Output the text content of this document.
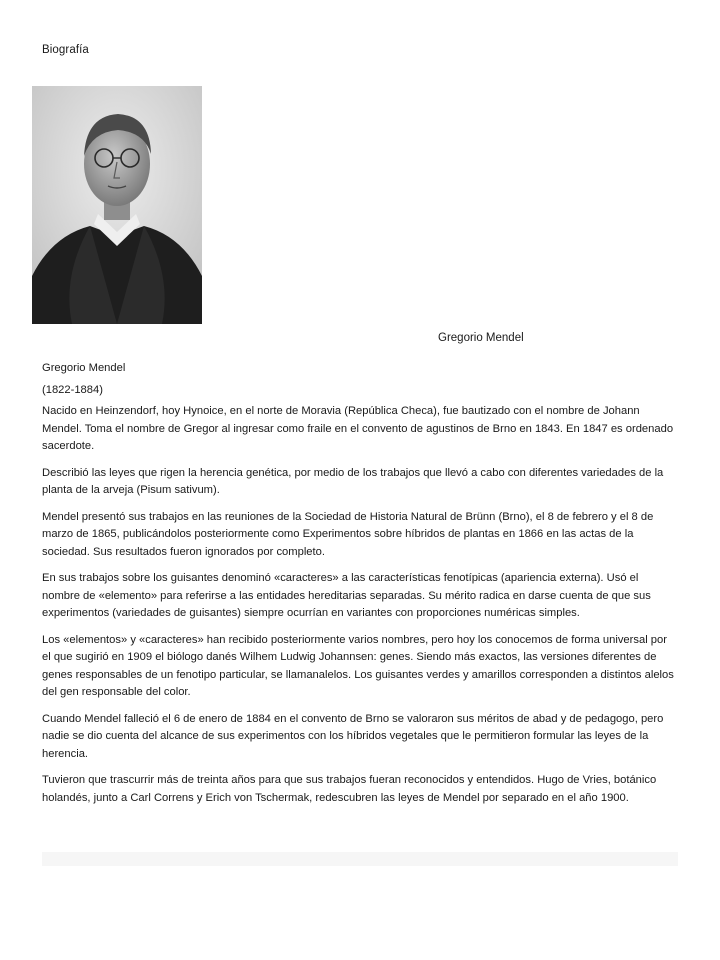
Biografía
Gregorio Mendel

Gregorio Mendel

(1822-1884)

Nacido en Heinzendorf, hoy Hynoice, en el norte de Moravia (República Checa), fue bautizado con el nombre de Johann Mendel. Toma el nombre de Gregor al ingresar como fraile en el convento de agustinos de Brno en 1843. En 1847 es ordenado sacerdote.

Describió las leyes que rigen la herencia genética, por medio de los trabajos que llevó a cabo con diferentes variedades de la planta de la arveja (Pisum sativum).

Mendel presentó sus trabajos en las reuniones de la Sociedad de Historia Natural de Brünn (Brno), el 8 de febrero y el 8 de marzo de 1865, publicándolos posteriormente como Experimentos sobre híbridos de plantas en 1866 en las actas de la sociedad. Sus resultados fueron ignorados por completo.

En sus trabajos sobre los guisantes denominó «caracteres» a las características fenotípicas (apariencia externa). Usó el nombre de «elemento» para referirse a las entidades hereditarias separadas. Su mérito radica en darse cuenta de que sus experimentos (variedades de guisantes) siempre ocurrían en variantes con proporciones numéricas simples.

Los «elementos» y «caracteres» han recibido posteriormente varios nombres, pero hoy los conocemos de forma universal por el que sugirió en 1909 el biólogo danés Wilhem Ludwig Johannsen: genes. Siendo más exactos, las versiones diferentes de genes responsables de un fenotipo particular, se llamanalelos. Los guisantes verdes y amarillos corresponden a distintos alelos del gen responsable del color.

Cuando Mendel falleció el 6 de enero de 1884 en el convento de Brno se valoraron sus méritos de abad y de pedagogo, pero nadie se dio cuenta del alcance de sus experimentos con los híbridos vegetales que le permitieron formular las leyes de la herencia.

Tuvieron que trascurrir más de treinta años para que sus trabajos fueran reconocidos y entendidos. Hugo de Vries, botánico holandés, junto a Carl Correns y Erich von Tschermak, redescubren las leyes de Mendel por separado en el año 1900.
